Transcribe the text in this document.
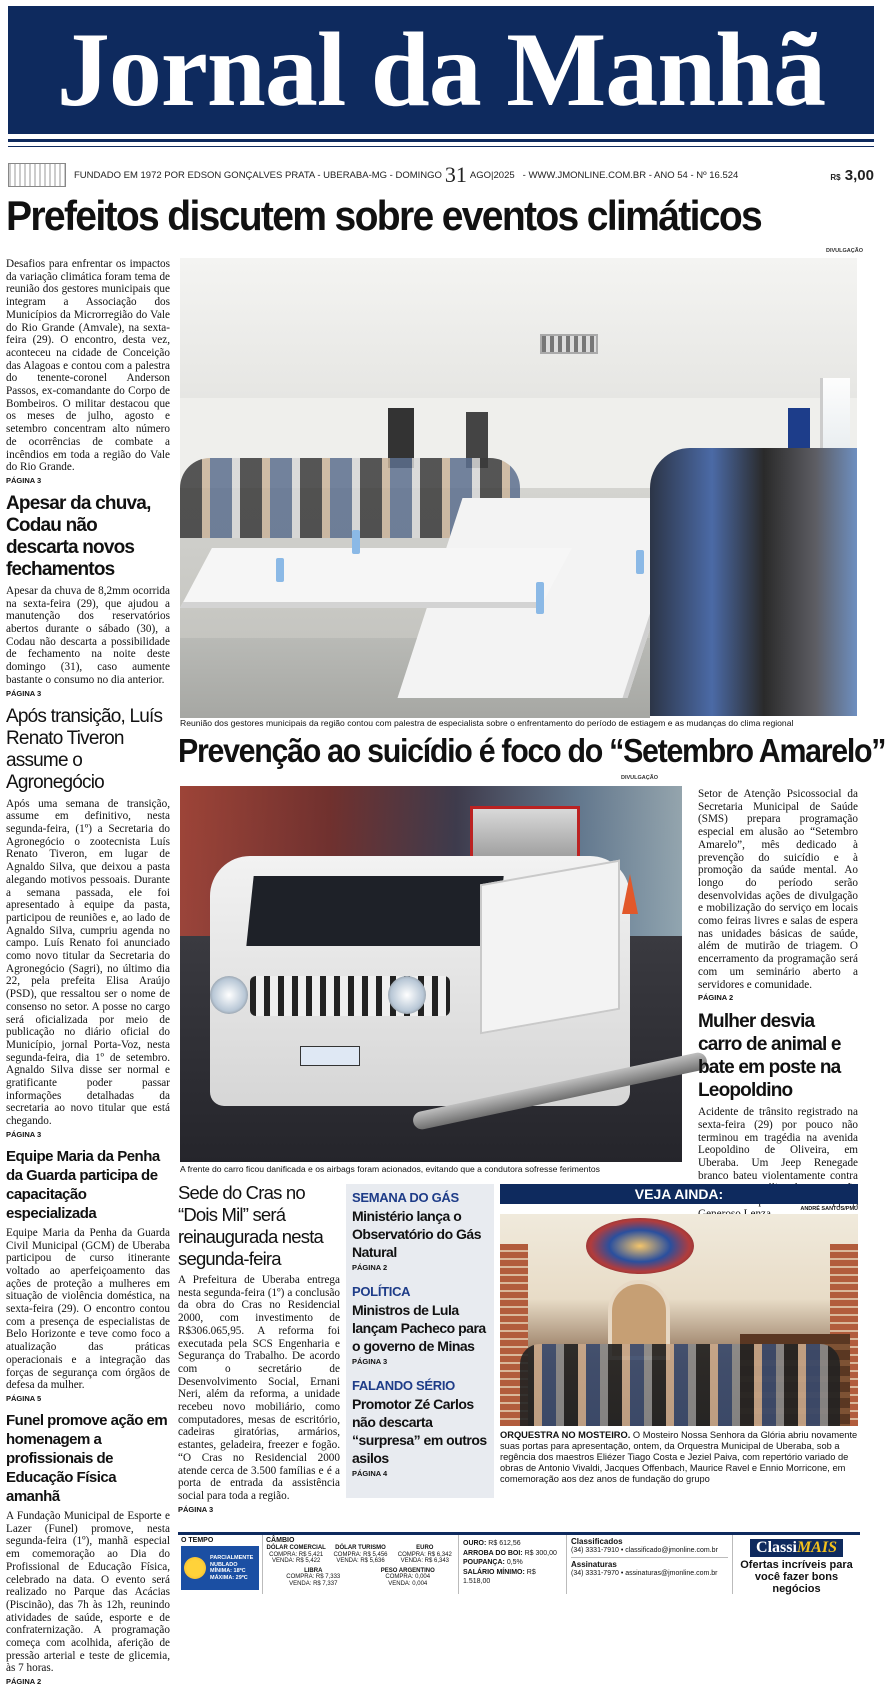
Jornal da Manhã
FUNDADO EM 1972 POR EDSON GONÇALVES PRATA - UBERABA-MG - DOMINGO 31 AGO|2025 - WWW.JMONLINE.COM.BR - ANO 54 - Nº 16.524	R$ 3,00
Prefeitos discutem sobre eventos climáticos
DIVULGAÇÃO
Desafios para enfrentar os impactos da variação climática foram tema de reunião dos gestores municipais que integram a Associação dos Municípios da Microrregião do Vale do Rio Grande (Amvale), na sexta-feira (29). O encontro, desta vez, aconteceu na cidade de Conceição das Alagoas e contou com a palestra do tenente-coronel Anderson Passos, ex-comandante do Corpo de Bombeiros. O militar destacou que os meses de julho, agosto e setembro concentram alto número de ocorrências de combate a incêndios em toda a região do Vale do Rio Grande.
PÁGINA 3
Apesar da chuva, Codau não descarta novos fechamentos
Apesar da chuva de 8,2mm ocorrida na sexta-feira (29), que ajudou a manutenção dos reservatórios abertos durante o sábado (30), a Codau não descarta a possibilidade de fechamento na noite deste domingo (31), caso aumente bastante o consumo no dia anterior.
PÁGINA 3
Após transição, Luís Renato Tiveron assume o Agronegócio
Após uma semana de transição, assume em definitivo, nesta segunda-feira, (1º) a Secretaria do Agronegócio o zootecnista Luís Renato Tiveron, em lugar de Agnaldo Silva, que deixou a pasta alegando motivos pessoais. Durante a semana passada, ele foi apresentado à equipe da pasta, participou de reuniões e, ao lado de Agnaldo Silva, cumpriu agenda no campo. Luís Renato foi anunciado como novo titular da Secretaria do Agronegócio (Sagri), no último dia 22, pela prefeita Elisa Araújo (PSD), que ressaltou ser o nome de consenso no setor. A posse no cargo será oficializada por meio de publicação no diário oficial do Município, jornal Porta-Voz, nesta segunda-feira, dia 1º de setembro. Agnaldo Silva disse ser normal e gratificante poder passar informações detalhadas da secretaria ao novo titular que está chegando.
PÁGINA 3
Equipe Maria da Penha da Guarda participa de capacitação especializada
Equipe Maria da Penha da Guarda Civil Municipal (GCM) de Uberaba participou de curso itinerante voltado ao aperfeiçoamento das ações de proteção a mulheres em situação de violência doméstica, na sexta-feira (29). O encontro contou com a presença de especialistas de Belo Horizonte e teve como foco a atualização das práticas operacionais e a integração das forças de segurança com órgãos de defesa da mulher.
PÁGINA 5
Funel promove ação em homenagem a profissionais de Educação Física amanhã
A Fundação Municipal de Esporte e Lazer (Funel) promove, nesta segunda-feira (1º), manhã especial em comemoração ao Dia do Profissional de Educação Física, celebrado na data. O evento será realizado no Parque das Acácias (Piscinão), das 7h às 12h, reunindo atividades de saúde, esporte e de confraternização. A programação começa com acolhida, aferição de pressão arterial e teste de glicemia, às 7 horas.
PÁGINA 2
Reunião dos gestores municipais da região contou com palestra de especialista sobre o enfrentamento do período de estiagem e as mudanças do clima regional
Prevenção ao suicídio é foco do “Setembro Amarelo”
DIVULGAÇÃO
A frente do carro ficou danificada e os airbags foram acionados, evitando que a condutora sofresse ferimentos
Setor de Atenção Psicossocial da Secretaria Municipal de Saúde (SMS) prepara programação especial em alusão ao “Setembro Amarelo”, mês dedicado à prevenção do suicídio e à promoção da saúde mental. Ao longo do período serão desenvolvidas ações de divulgação e mobilização do serviço em locais como feiras livres e salas de espera nas unidades básicas de saúde, além de mutirão de triagem. O encerramento da programação será com um seminário aberto a servidores e comunidade.
PÁGINA 2
Mulher desvia carro de animal e bate em poste na Leopoldino
Acidente de trânsito registrado na sexta-feira (29) por pouco não terminou em tragédia na avenida Leopoldino de Oliveira, em Uberaba. Um Jeep Renegade branco bateu violentamente contra
Sede do Cras no “Dois Mil” será reinaugurada nesta segunda-feira
A Prefeitura de Uberaba entrega nesta segunda-feira (1º) a conclusão da obra do Cras no Residencial 2000, com investimento de R$306.065,95. A reforma foi executada pela SCS Engenharia e Segurança do Trabalho. De acordo com o secretário de Desenvolvimento Social, Ernani Neri, além da reforma, a unidade recebeu novo mobiliário, como computadores, mesas de escritório, cadeiras giratórias, armários, estantes, geladeira, freezer e fogão. “O Cras no Residencial 2000 atende cerca de 3.500 famílias e é a porta de entrada da assistência social para toda a região.
PÁGINA 3
SEMANA DO GÁS
Ministério lança o Observatório do Gás Natural
PÁGINA 2
POLÍTICA
Ministros de Lula lançam Pacheco para o governo de Minas
PÁGINA 3
FALANDO SÉRIO
Promotor Zé Carlos não descarta “surpresa” em outros asilos
PÁGINA 4
VEJA AINDA:
ANDRÉ SANTOS/PMU
ORQUESTRA NO MOSTEIRO. O Mosteiro Nossa Senhora da Glória abriu novamente suas portas para apresentação, ontem, da Orquestra Municipal de Uberaba, sob a regência dos maestros Eliézer Tiago Costa e Jeziel Paiva, com repertório variado de obras de Antonio Vivaldi, Jacques Offenbach, Maurice Ravel e Ennio Morricone, em comemoração aos dez anos de fundação do grupo
O TEMPO
PARCIALMENTE
NUBLADO
MÍNIMA: 18ºC
MÁXIMA: 29ºC
CÂMBIO
DÓLAR COMERCIAL
COMPRA: R$ 5,421
VENDA: R$ 5,422
DÓLAR TURISMO
COMPRA: R$ 5,456
VENDA: R$ 5,636
EURO
COMPRA: R$ 6,342
VENDA: R$ 6,343
LIBRA
COMPRA: R$ 7,333
VENDA: R$ 7,337
PESO ARGENTINO
COMPRA: 0,004
VENDA: 0,004
OURO: R$ 612,56
ARROBA DO BOI: R$ 300,00
POUPANÇA: 0,5%
SALÁRIO MÍNIMO: R$ 1.518,00
Classificados
(34) 3331-7910 • classificado@jmonline.com.br
Assinaturas
(34) 3331-7970 • assinaturas@jmonline.com.br
ClassiMAIS
Ofertas incríveis para você fazer bons negócios
